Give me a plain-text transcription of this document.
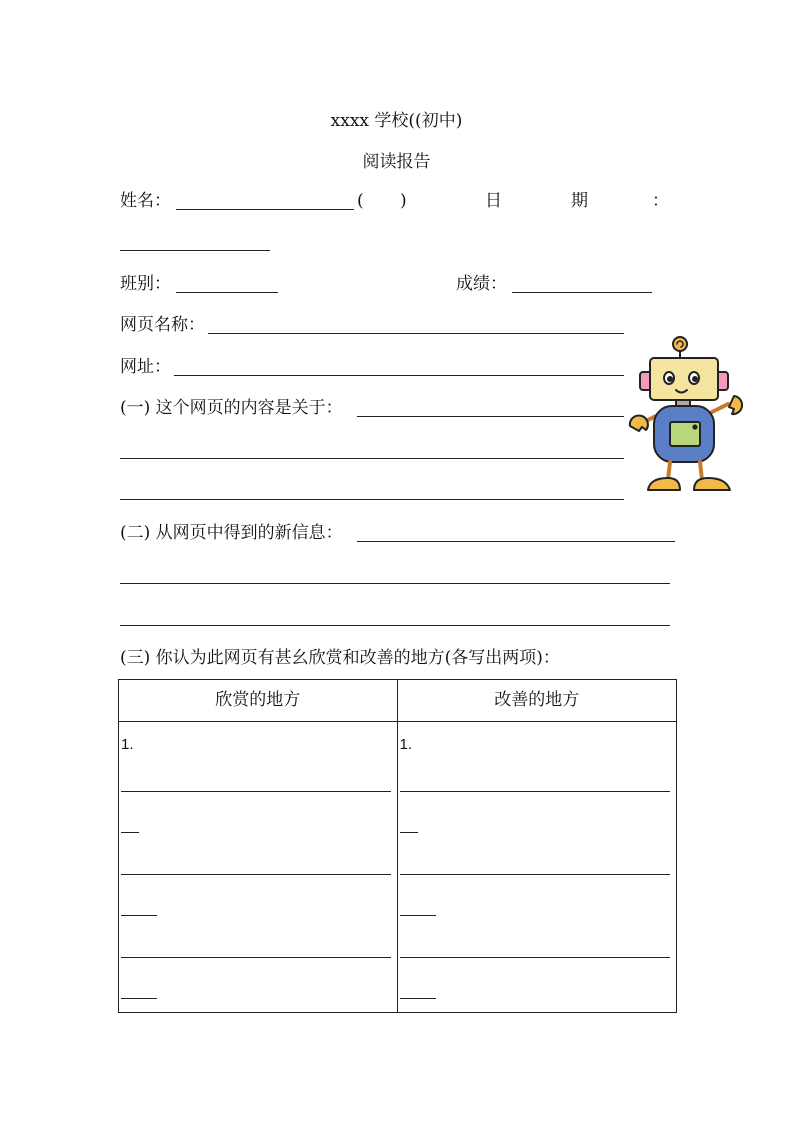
xxxx 学校((初中)
阅读报告
姓名：	( )	日	期	：
班别：	成绩：
网页名称：
网址：
(一) 这个网页的内容是关于：
(二) 从网页中得到的新信息：
(三) 你认为此网页有甚幺欣赏和改善的地方(各写出两项)：
欣赏的地方	改善的地方

1.	1.
